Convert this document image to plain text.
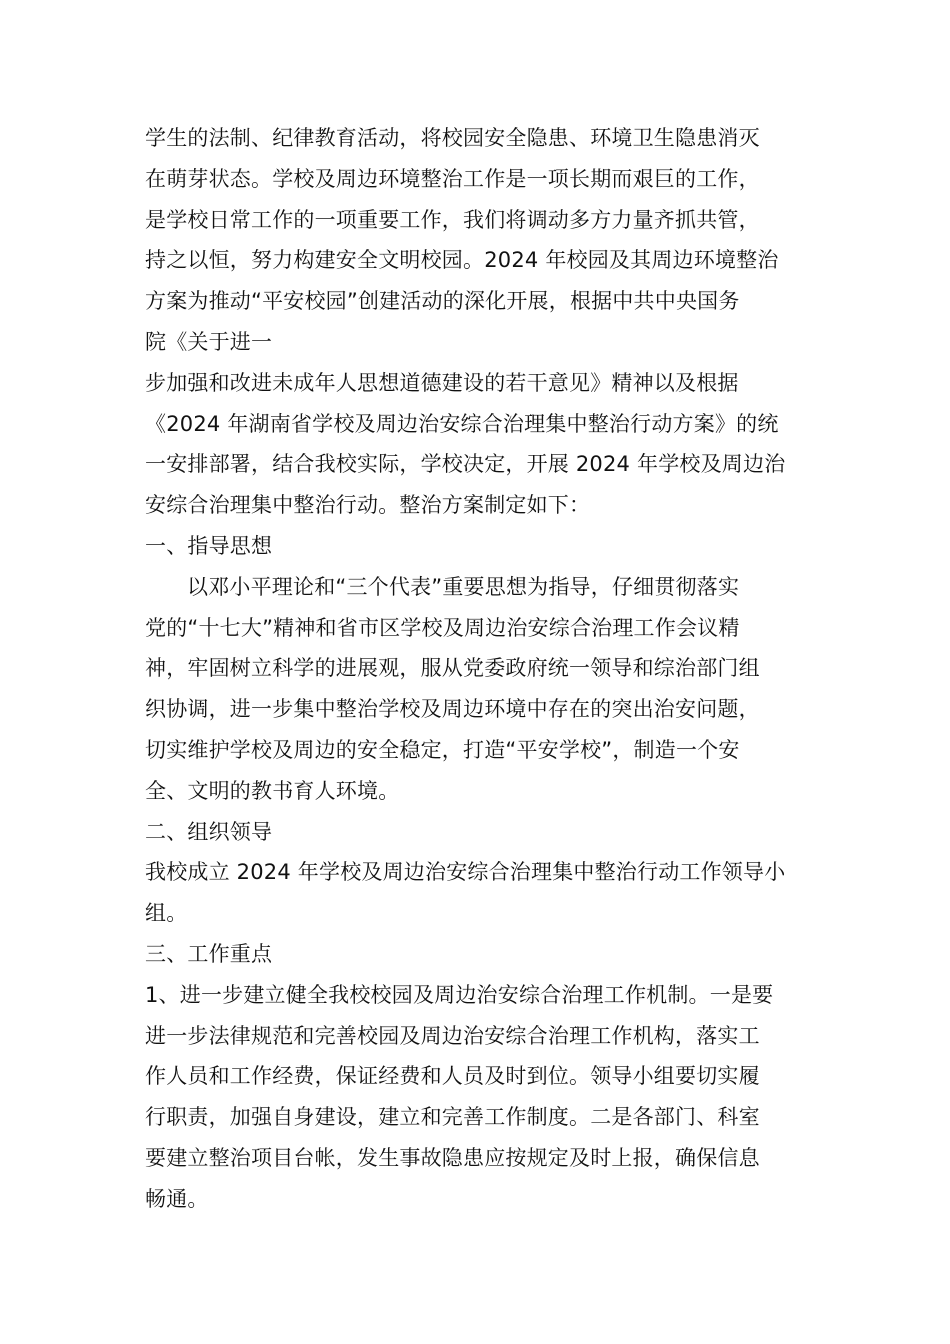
学生的法制、纪律教育活动，将校园安全隐患、环境卫生隐患消灭
在萌芽状态。学校及周边环境整治工作是一项长期而艰巨的工作，
是学校日常工作的一项重要工作，我们将调动多方力量齐抓共管，
持之以恒，努力构建安全文明校园。2024 年校园及其周边环境整治
方案为推动“平安校园”创建活动的深化开展，根据中共中央国务
院《关于进一
步加强和改进未成年人思想道德建设的若干意见》精神以及根据
《2024 年湖南省学校及周边治安综合治理集中整治行动方案》的统
一安排部署，结合我校实际，学校决定，开展 2024 年学校及周边治
安综合治理集中整治行动。整治方案制定如下：
一、指导思想
以邓小平理论和“三个代表”重要思想为指导，仔细贯彻落实
党的“十七大”精神和省市区学校及周边治安综合治理工作会议精
神，牢固树立科学的进展观，服从党委政府统一领导和综治部门组
织协调，进一步集中整治学校及周边环境中存在的突出治安问题，
切实维护学校及周边的安全稳定，打造“平安学校”，制造一个安
全、文明的教书育人环境。
二、组织领导
我校成立 2024 年学校及周边治安综合治理集中整治行动工作领导小
组。
三、工作重点
1、进一步建立健全我校校园及周边治安综合治理工作机制。一是要
进一步法律规范和完善校园及周边治安综合治理工作机构，落实工
作人员和工作经费，保证经费和人员及时到位。领导小组要切实履
行职责，加强自身建设，建立和完善工作制度。二是各部门、科室
要建立整治项目台帐，发生事故隐患应按规定及时上报，确保信息
畅通。
